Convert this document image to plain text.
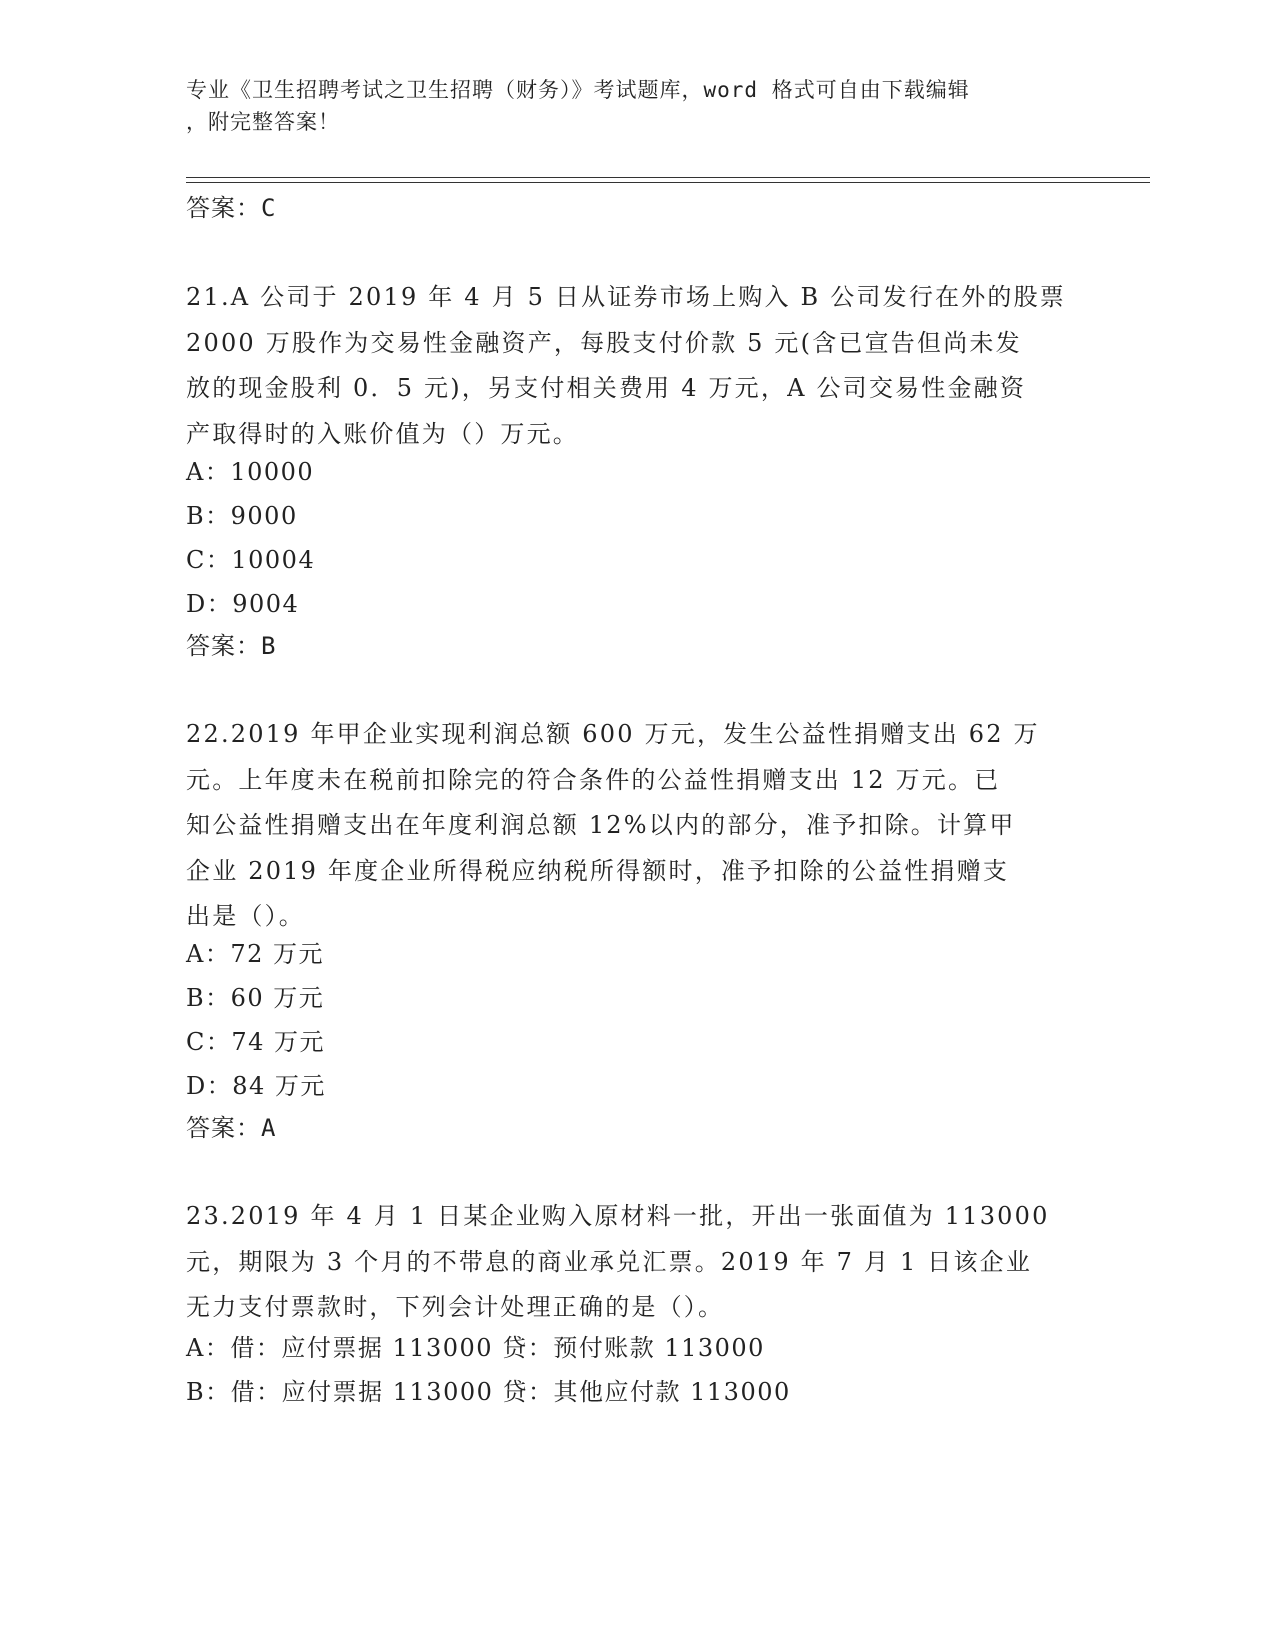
专业《卫生招聘考试之卫生招聘（财务）》考试题库，word 格式可自由下载编辑
，附完整答案！
答案：C
21.A 公司于 2019 年 4 月 5 日从证券市场上购入 B 公司发行在外的股票
2000 万股作为交易性金融资产，每股支付价款 5 元(含已宣告但尚未发
放的现金股利 0．5 元)，另支付相关费用 4 万元，A 公司交易性金融资
产取得时的入账价值为（）万元。
A：10000
B：9000
C：10004
D：9004
答案：B
22.2019 年甲企业实现利润总额 600 万元，发生公益性捐赠支出 62 万
元。上年度未在税前扣除完的符合条件的公益性捐赠支出 12 万元。已
知公益性捐赠支出在年度利润总额 12%以内的部分，准予扣除。计算甲
企业 2019 年度企业所得税应纳税所得额时，准予扣除的公益性捐赠支
出是（）。
A：72 万元
B：60 万元
C：74 万元
D：84 万元
答案：A
23.2019 年 4 月 1 日某企业购入原材料一批，开出一张面值为 113000
元，期限为 3 个月的不带息的商业承兑汇票。2019 年 7 月 1 日该企业
无力支付票款时，下列会计处理正确的是（）。
A：借：应付票据 113000 贷：预付账款 113000
B：借：应付票据 113000 贷：其他应付款 113000
